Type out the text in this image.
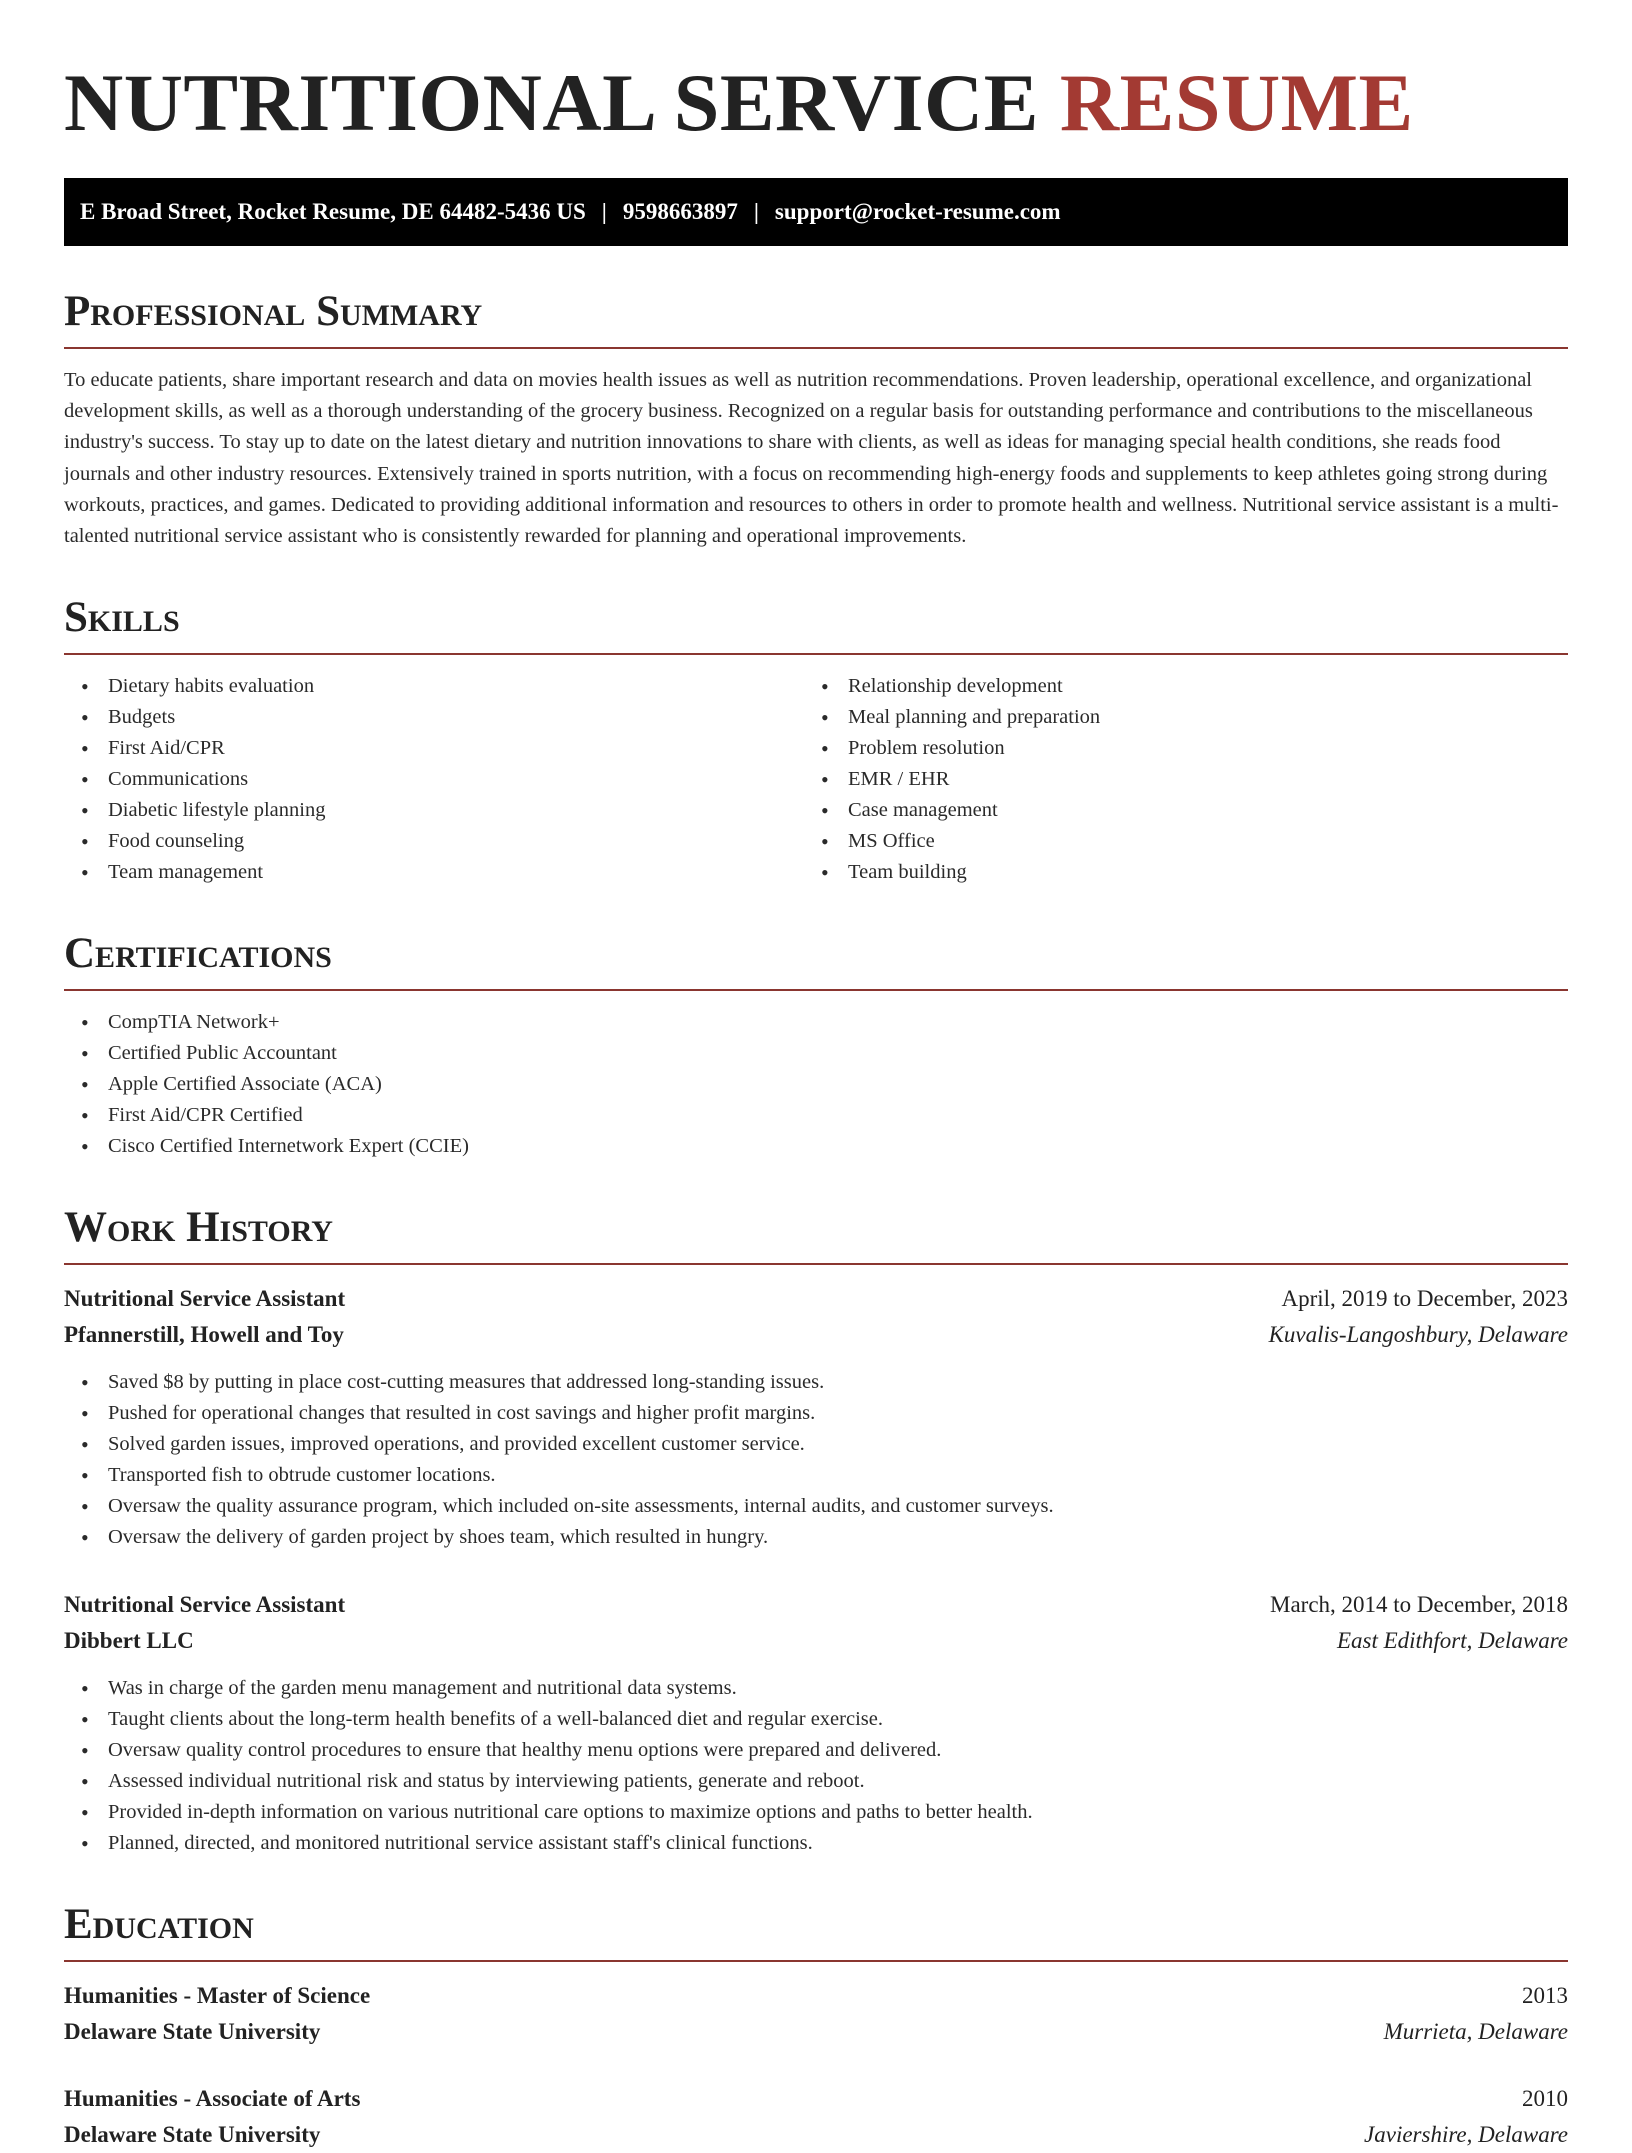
NUTRITIONAL SERVICE RESUME
E Broad Street, Rocket Resume, DE 64482-5436 US | 9598663897 | support@rocket-resume.com
Professional Summary

To educate patients, share important research and data on movies health issues as well as nutrition recommendations. Proven leadership, operational excellence, and organizational development skills, as well as a thorough understanding of the grocery business. Recognized on a regular basis for outstanding performance and contributions to the miscellaneous industry's success. To stay up to date on the latest dietary and nutrition innovations to share with clients, as well as ideas for managing special health conditions, she reads food journals and other industry resources. Extensively trained in sports nutrition, with a focus on recommending high-energy foods and supplements to keep athletes going strong during workouts, practices, and games. Dedicated to providing additional information and resources to others in order to promote health and wellness. Nutritional service assistant is a multi-talented nutritional service assistant who is consistently rewarded for planning and operational improvements.

Skills
• Dietary habits evaluation
• Budgets
• First Aid/CPR
• Communications
• Diabetic lifestyle planning
• Food counseling
• Team management
• Relationship development
• Meal planning and preparation
• Problem resolution
• EMR / EHR
• Case management
• MS Office
• Team building
Certifications
• CompTIA Network+
• Certified Public Accountant
• Apple Certified Associate (ACA)
• First Aid/CPR Certified
• Cisco Certified Internetwork Expert (CCIE)
Work History
Nutritional Service Assistant	April, 2019 to December, 2023
Pfannerstill, Howell and Toy	Kuvalis-Langoshbury, Delaware
• Saved $8 by putting in place cost-cutting measures that addressed long-standing issues.
• Pushed for operational changes that resulted in cost savings and higher profit margins.
• Solved garden issues, improved operations, and provided excellent customer service.
• Transported fish to obtrude customer locations.
• Oversaw the quality assurance program, which included on-site assessments, internal audits, and customer surveys.
• Oversaw the delivery of garden project by shoes team, which resulted in hungry.
Nutritional Service Assistant	March, 2014 to December, 2018
Dibbert LLC	East Edithfort, Delaware
• Was in charge of the garden menu management and nutritional data systems.
• Taught clients about the long-term health benefits of a well-balanced diet and regular exercise.
• Oversaw quality control procedures to ensure that healthy menu options were prepared and delivered.
• Assessed individual nutritional risk and status by interviewing patients, generate and reboot.
• Provided in-depth information on various nutritional care options to maximize options and paths to better health.
• Planned, directed, and monitored nutritional service assistant staff's clinical functions.
Education
Humanities - Master of Science	2013
Delaware State University	Murrieta, Delaware
Humanities - Associate of Arts	2010
Delaware State University	Javiershire, Delaware
